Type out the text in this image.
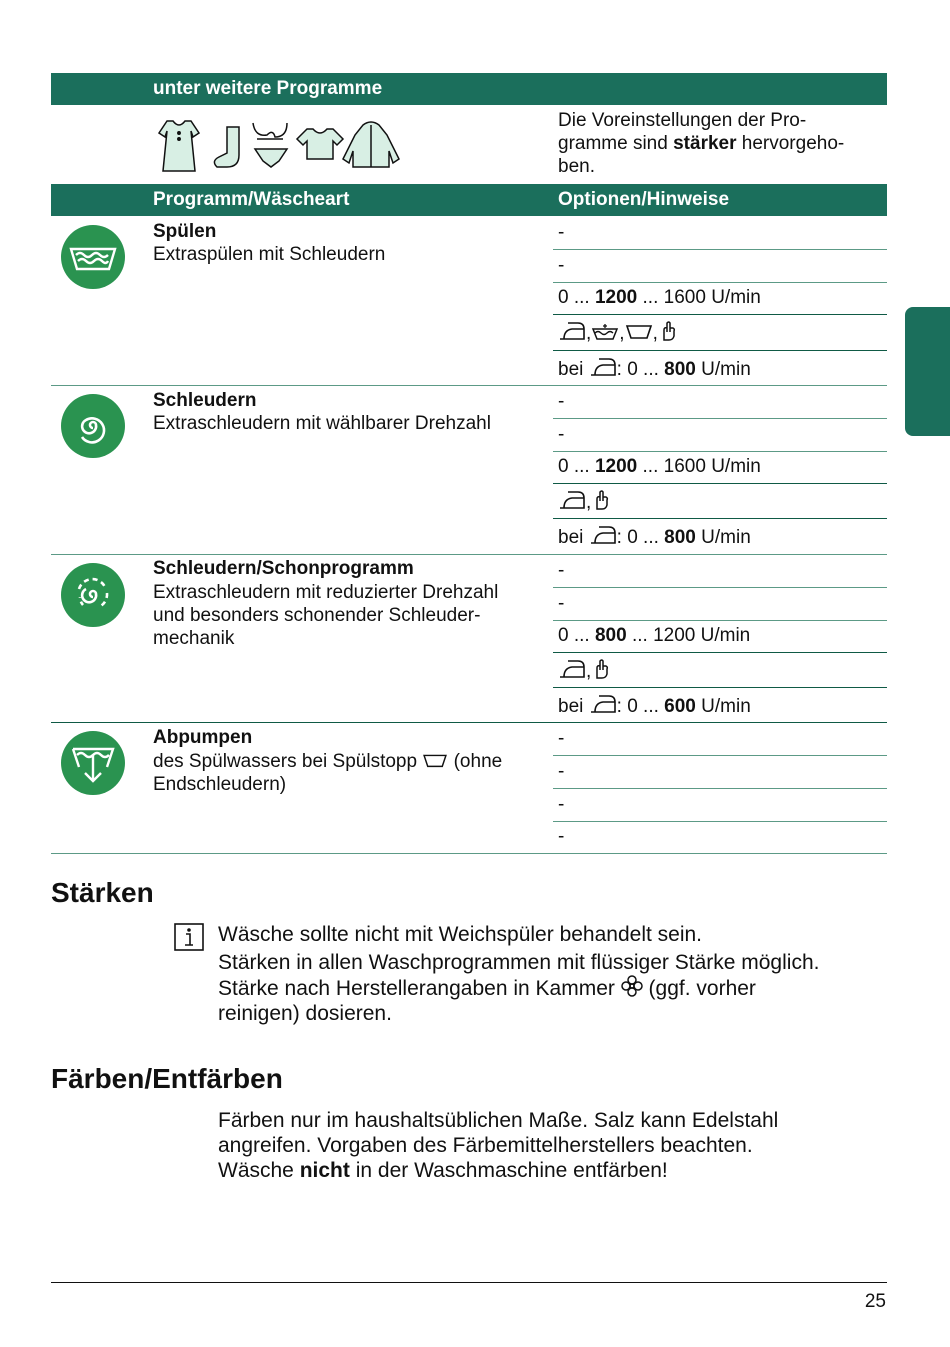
unter weitere Programme
Die Voreinstellungen der Pro-
gramme sind stärker hervorgeho-
ben.
Programm/Wäscheart	Optionen/Hinweise
Spülen
Extraspülen mit Schleudern
-
-
0 ... 1200 ... 1600 U/min
, , ,
bei : 0 ... 800 U/min
Schleudern
Extraschleudern mit wählbarer Drehzahl
-
-
0 ... 1200 ... 1600 U/min
,
bei : 0 ... 800 U/min
Schleudern/Schonprogramm
Extraschleudern mit reduzierter Drehzahl
und besonders schonender Schleuder-
mechanik
-
-
0 ... 800 ... 1200 U/min
,
bei : 0 ... 600 U/min
Abpumpen
des Spülwassers bei Spülstopp  (ohne
Endschleudern)
-
-
-
-
Stärken
Wäsche sollte nicht mit Weichspüler behandelt sein.
Stärken in allen Waschprogrammen mit flüssiger Stärke möglich.
Stärke nach Herstellerangaben in Kammer  (ggf. vorher
reinigen) dosieren.
Färben/Entfärben
Färben nur im haushaltsüblichen Maße. Salz kann Edelstahl
angreifen. Vorgaben des Färbemittelherstellers beachten.
Wäsche nicht in der Waschmaschine entfärben!
25
